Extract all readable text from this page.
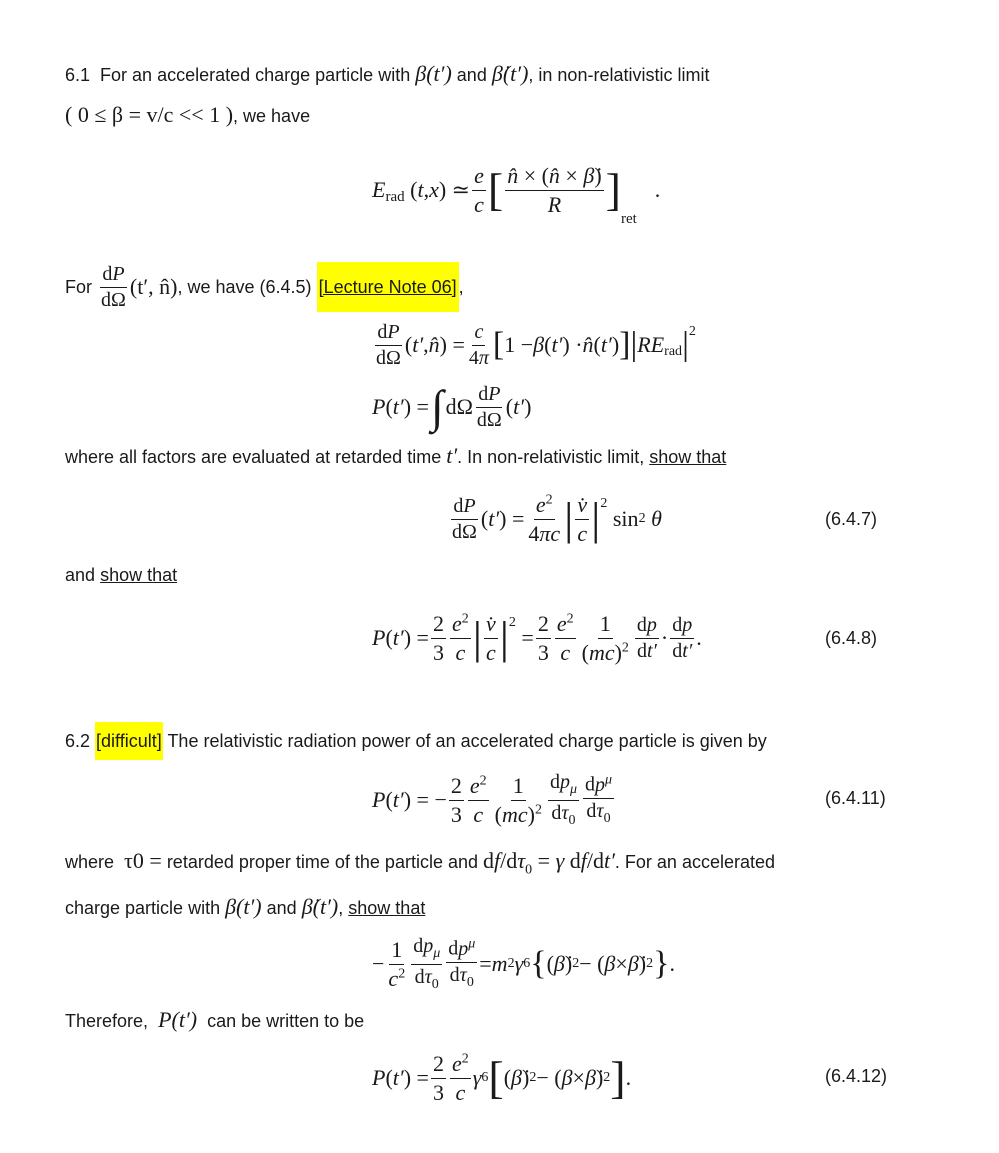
6.1 For an accelerated charge particle with β(t′) and β̇(t′), in non-relativistic limit
( 0 ≤ β = v/c << 1 ), we have
E rad ( t , x ) ≃ $\frac{e}{c}$ [ $\frac{n̂ \times (n̂ \times \betȧ)}{R}$ ]
ret
.
For
$\frac{dP}{d\Omega} (t'$, n̂) , we have (6.4.5)
[Lecture Note 06] ,
$\frac{dP}{d\Omega}$ ( t′ , n̂ ) = $\frac{c}{4\pi}$ [ 1 − β ( t′ ) · n̂ ( t′ ) ] | RE rad $|^2$
P ( t′ ) = ∫ dΩ $\frac{dP}{d\Omega}$ ( t′ )
where all factors are evaluated at retarded time t′. In non-relativistic limit, show that
$\frac{dP}{d\Omega}$ ( t′ ) = $\frac{e^2}{4\pi c}$ | $\frac{v̇}{c} |^2$
$\sin_2$
θ	(6.4.7)
and show that
P ( t′ ) = $\frac{2}{3} \frac{e^2}{c}$ | $\frac{v̇}{c} |^2$
= $\frac{2}{3} \frac{e^2}{c} \frac{1}{(mc)^2} \frac{dp}{dt'} \cdot \frac{dp}{dt'}$ .	(6.4.8)
6.2 [difficult] The relativistic radiation power of an accelerated charge particle is given by
P ( t′ ) = − $\frac{2}{3} \frac{e^2}{c} \frac{1}{(mc)^2} \frac{dp_\mu}{d\tau_0} \frac{dp^\mu}{d\tau_0}$	(6.4.11)
where τ0 = retarded proper time of the particle and $df/d\tau_0 = \gamma$ df/dt′. For an accelerated
charge particle with β(t′) and β̇(t′), show that
− $\frac{1}{c^2} \frac{dp_\mu}{d\tau_0} \frac{dp^\mu}{d\tau_0} = m$ 2 γ 6 { ( β̇ ) 2 − ( β × β̇ ) 2 } .
Therefore, P(t′) can be written to be
P ( t′ ) = $\frac{2}{3} \frac{e^2}{c}$ γ 6 [ ( β̇ ) 2 − ( β × β̇ ) 2 ] .	(6.4.12)
